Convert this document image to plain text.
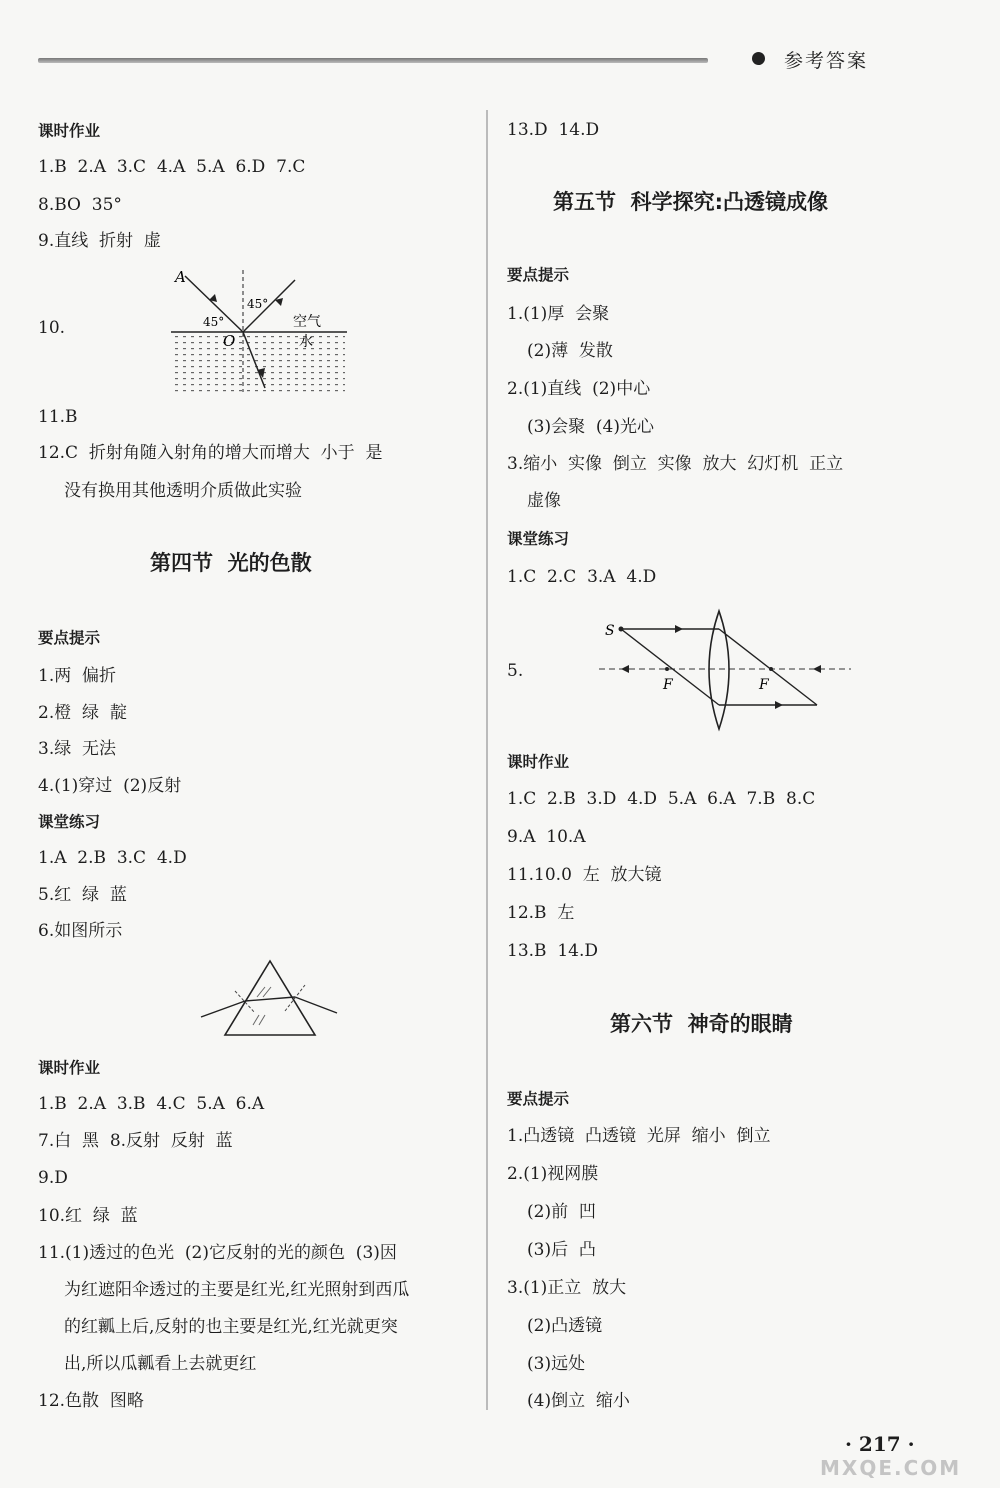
参考答案
课时作业
1.B  2.A  3.C  4.A  5.A  6.D  7.C
8.BO  35°
9.直线  折射  虚
10.
A
O
45°
45°	空气
水
11.B
12.C  折射角随入射角的增大而增大  小于  是
没有换用其他透明介质做此实验
第四节  光的色散
要点提示
1.两  偏折
2.橙  绿  靛
3.绿  无法
4.(1)穿过  (2)反射
课堂练习
1.A  2.B  3.C  4.D
5.红  绿  蓝
6.如图所示
课时作业
1.B  2.A  3.B  4.C  5.A  6.A
7.白  黑  8.反射  反射  蓝
9.D
10.红  绿  蓝
11.(1)透过的色光  (2)它反射的光的颜色  (3)因
为红遮阳伞透过的主要是红光,红光照射到西瓜
的红瓤上后,反射的也主要是红光,红光就更突
出,所以瓜瓤看上去就更红
12.色散  图略
13.D  14.D
第五节  科学探究:凸透镜成像
要点提示
1.(1)厚  会聚
(2)薄  发散
2.(1)直线  (2)中心
(3)会聚  (4)光心
3.缩小  实像  倒立  实像  放大  幻灯机  正立
虚像
课堂练习
1.C  2.C  3.A  4.D
5.
S
F	F
课时作业
1.C  2.B  3.D  4.D  5.A  6.A  7.B  8.C
9.A  10.A
11.10.0  左  放大镜
12.B  左
13.B  14.D
第六节  神奇的眼睛
要点提示
1.凸透镜  凸透镜  光屏  缩小  倒立
2.(1)视网膜
(2)前  凹
(3)后  凸
3.(1)正立  放大
(2)凸透镜
(3)远处
(4)倒立  缩小
· 217 ·
MXQE.COM
